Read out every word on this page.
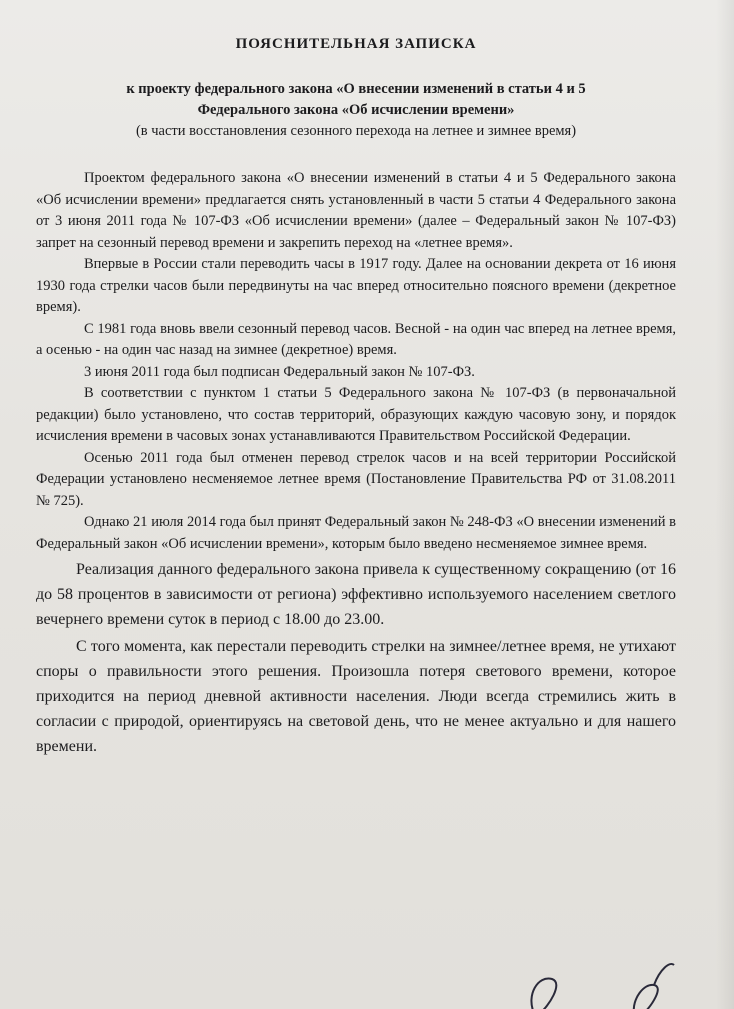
ПОЯСНИТЕЛЬНАЯ ЗАПИСКА
к проекту федерального закона «О внесении изменений в статьи 4 и 5
Федерального закона «Об исчислении времени»
(в части восстановления сезонного перехода на летнее и зимнее время)

Проектом федерального закона «О внесении изменений в статьи 4 и 5 Федерального закона «Об исчислении времени» предлагается снять установленный в части 5 статьи 4 Федерального закона от 3 июня 2011 года № 107-ФЗ «Об исчислении времени» (далее – Федеральный закон № 107-ФЗ) запрет на сезонный перевод времени и закрепить переход на «летнее время».

Впервые в России стали переводить часы в 1917 году. Далее на основании декрета от 16 июня 1930 года стрелки часов были передвинуты на час вперед относительно поясного времени (декретное время).

С 1981 года вновь ввели сезонный перевод часов. Весной - на один час вперед на летнее время, а осенью - на один час назад на зимнее (декретное) время.

3 июня 2011 года был подписан Федеральный закон № 107-ФЗ.

В соответствии с пунктом 1 статьи 5 Федерального закона № 107-ФЗ (в первоначальной редакции) было установлено, что состав территорий, образующих каждую часовую зону, и порядок исчисления времени в часовых зонах устанавливаются Правительством Российской Федерации.

Осенью 2011 года был отменен перевод стрелок часов и на всей территории Российской Федерации установлено несменяемое летнее время (Постановление Правительства РФ от 31.08.2011 № 725).

Однако 21 июля 2014 года был принят Федеральный закон № 248-ФЗ «О внесении изменений в Федеральный закон «Об исчислении времени», которым было введено несменяемое зимнее время.

Реализация данного федерального закона привела к существенному сокращению (от 16 до 58 процентов в зависимости от региона) эффективно используемого населением светлого вечернего времени суток в период с 18.00 до 23.00.

С того момента, как перестали переводить стрелки на зимнее/летнее время, не утихают споры о правильности этого решения. Произошла потеря светового времени, которое приходится на период дневной активности населения. Люди всегда стремились жить в согласии с природой, ориентируясь на световой день, что не менее актуально и для нашего времени.
